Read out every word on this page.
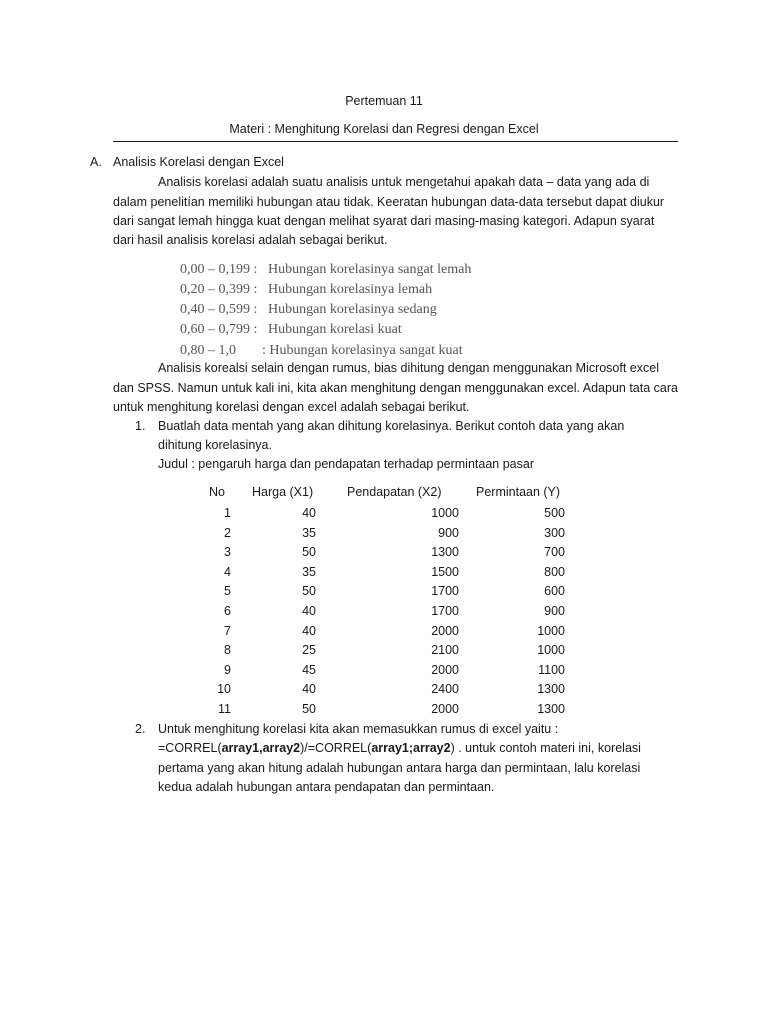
Pertemuan 11
Materi : Menghitung Korelasi dan Regresi dengan Excel
A. Analisis Korelasi dengan Excel
Analisis korelasi adalah suatu analisis untuk mengetahui apakah data – data yang ada di
dalam penelitían memiliki hubungan atau tidak. Keeratan hubungan data-data tersebut dapat diukur
dari sangat lemah hingga kuat dengan melihat syarat dari masing-masing kategori. Adapun syarat
dari hasil analisis korelasi adalah sebagai berikut.
0,00 – 0,199 : Hubungan korelasinya sangat lemah
0,20 – 0,399 : Hubungan korelasinya lemah
0,40 – 0,599 : Hubungan korelasinya sedang
0,60 – 0,799 : Hubungan korelasi kuat
0,80 – 1,0 : Hubungan korelasinya sangat kuat
Analisis korealsi selain dengan rumus, bias dihitung dengan menggunakan Microsoft excel
dan SPSS. Namun untuk kali ini, kita akan menghitung dengan menggunakan excel. Adapun tata cara
untuk menghitung korelasi dengan excel adalah sebagai berikut.
1. Buatlah data mentah yang akan dihitung korelasinya. Berikut contoh data yang akan
dihitung korelasinya.
Judul : pengaruh harga dan pendapatan terhadap permintaan pasar
No Harga (X1)	Pendapatan (X2)	Permintaan (Y)
1	40	1000	500
2	35	900	300
3	50	1300	700
4	35	1500	800
5	50	1700	600
6	40	1700	900
7	40	2000	1000
8	25	2100	1000
9	45	2000	1100
10	40	2400	1300
11	50	2000	1300
2. Untuk menghitung korelasi kita akan memasukkan rumus di excel yaitu :
=CORREL(array1,array2)/=CORREL(array1;array2) . untuk contoh materi ini, korelasi
pertama yang akan hitung adalah hubungan antara harga dan permintaan, lalu korelasi
kedua adalah hubungan antara pendapatan dan permintaan.
